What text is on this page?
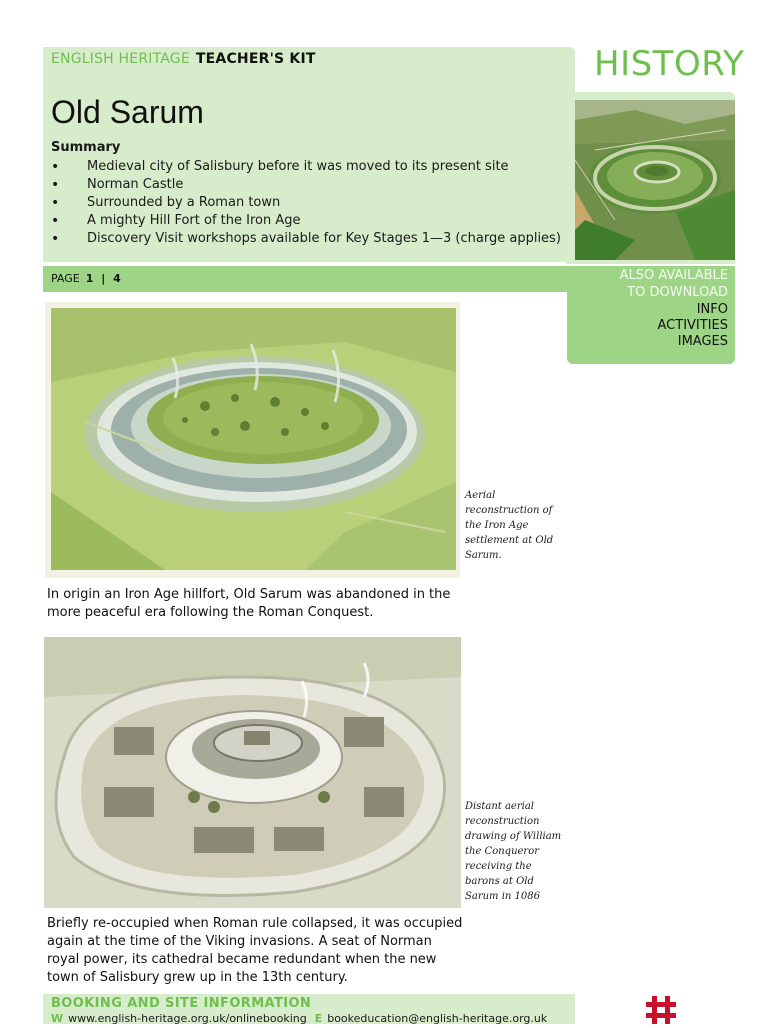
ENGLISH HERITAGE TEACHER'S KIT	HISTORY
Old Sarum
Summary
• Medieval city of Salisbury before it was moved to its present site
• Norman Castle
• Surrounded by a Roman town
• A mighty Hill Fort of the Iron Age
• Discovery Visit workshops available for Key Stages 1—3 (charge applies)
PAGE 1 | 4	ALSO AVAILABLE
TO DOWNLOAD
INFO
ACTIVITIES
IMAGES
Aerial reconstruction of the Iron Age settlement at Old Sarum.
In origin an Iron Age hillfort, Old Sarum was abandoned in the more peaceful era following the Roman Conquest.
Distant aerial reconstruction drawing of William the Conqueror receiving the barons at Old Sarum in 1086
Briefly re-occupied when Roman rule collapsed, it was occupied again at the time of the Viking invasions. A seat of Norman royal power, its cathedral became redundant when the new town of Salisbury grew up in the 13th century.
BOOKING AND SITE INFORMATION
W www.english-heritage.org.uk/onlinebooking E bookeducation@english-heritage.org.uk
